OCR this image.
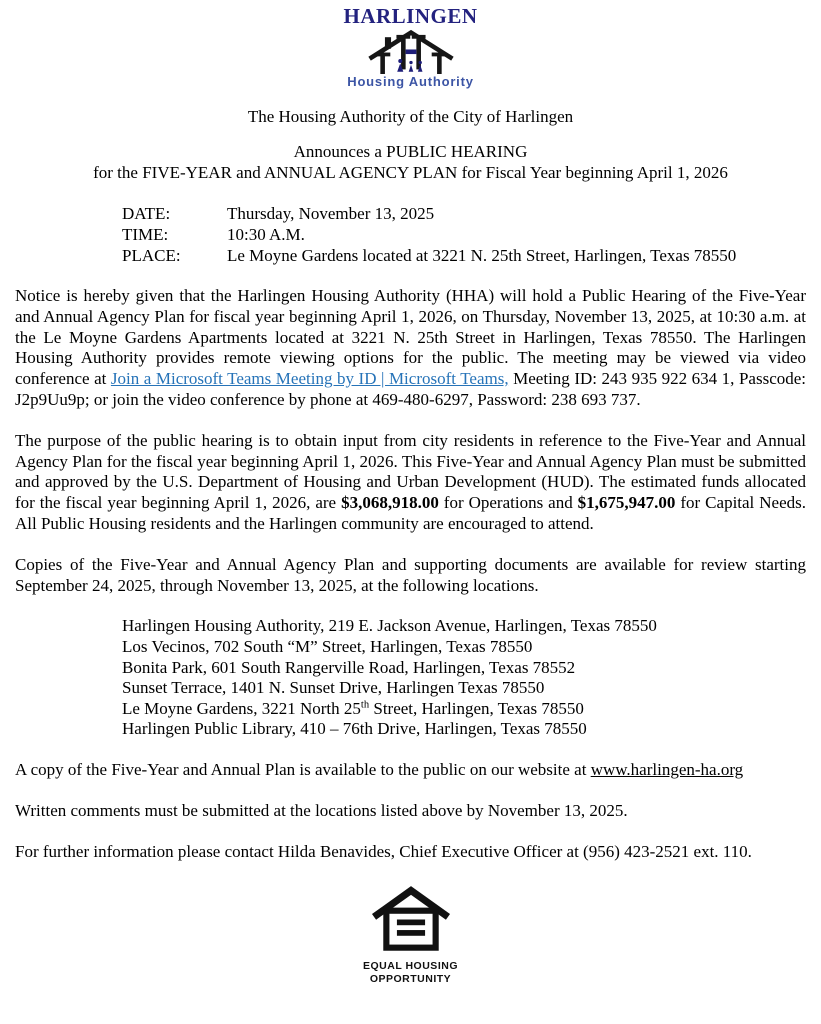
HARLINGEN
Housing Authority
The Housing Authority of the City of Harlingen
Announces a PUBLIC HEARING
for the FIVE-YEAR and ANNUAL AGENCY PLAN for Fiscal Year beginning April 1, 2026
DATE:	Thursday, November 13, 2025
TIME:	10:30 A.M.
PLACE:	Le Moyne Gardens located at 3221 N. 25th Street, Harlingen, Texas 78550

Notice is hereby given that the Harlingen Housing Authority (HHA) will hold a Public Hearing of the Five-Year and Annual Agency Plan for fiscal year beginning April 1, 2026, on Thursday, November 13, 2025, at 10:30 a.m. at the Le Moyne Gardens Apartments located at 3221 N. 25th Street in Harlingen, Texas 78550. The Harlingen Housing Authority provides remote viewing options for the public. The meeting may be viewed via video conference at Join a Microsoft Teams Meeting by ID | Microsoft Teams, Meeting ID: 243 935 922 634 1, Passcode: J2p9Uu9p; or join the video conference by phone at 469-480-6297, Password: 238 693 737.

The purpose of the public hearing is to obtain input from city residents in reference to the Five-Year and Annual Agency Plan for the fiscal year beginning April 1, 2026. This Five-Year and Annual Agency Plan must be submitted and approved by the U.S. Department of Housing and Urban Development (HUD). The estimated funds allocated for the fiscal year beginning April 1, 2026, are $3,068,918.00 for Operations and $1,675,947.00 for Capital Needs. All Public Housing residents and the Harlingen community are encouraged to attend.

Copies of the Five-Year and Annual Agency Plan and supporting documents are available for review starting September 24, 2025, through November 13, 2025, at the following locations.

Harlingen Housing Authority, 219 E. Jackson Avenue, Harlingen, Texas 78550
Los Vecinos, 702 South “M” Street, Harlingen, Texas 78550
Bonita Park, 601 South Rangerville Road, Harlingen, Texas 78552
Sunset Terrace, 1401 N. Sunset Drive, Harlingen Texas 78550
Le Moyne Gardens, 3221 North 25th Street, Harlingen, Texas 78550
Harlingen Public Library, 410 – 76th Drive, Harlingen, Texas 78550

A copy of the Five-Year and Annual Plan is available to the public on our website at www.harlingen-ha.org

Written comments must be submitted at the locations listed above by November 13, 2025.

For further information please contact Hilda Benavides, Chief Executive Officer at (956) 423-2521 ext. 110.

EQUAL HOUSING
OPPORTUNITY
